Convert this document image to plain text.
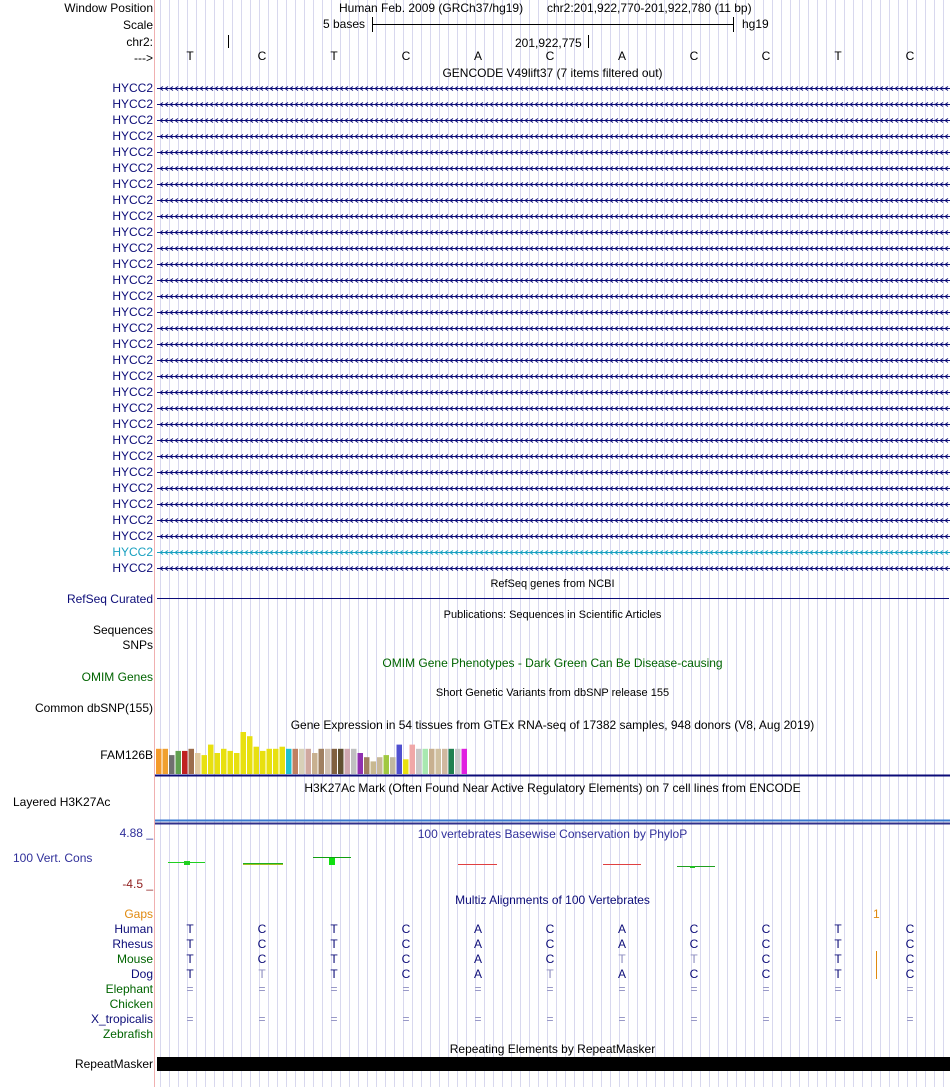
Window Position	Human Feb. 2009 (GRCh37/hg19) chr2:201,922,770-201,922,780 (11 bp)
Scale	5 bases	hg19
chr2:	201,922,775
--->	T	C	T	C	A	C	A	C	C	T	C
GENCODE V49lift37 (7 items filtered out)
HYCC2
HYCC2
HYCC2
HYCC2
HYCC2
HYCC2
HYCC2
HYCC2
HYCC2
HYCC2
HYCC2
HYCC2
HYCC2
HYCC2
HYCC2
HYCC2
HYCC2
HYCC2
HYCC2
HYCC2
HYCC2
HYCC2
HYCC2
HYCC2
HYCC2
HYCC2
HYCC2
HYCC2
HYCC2
HYCC2
HYCC2
RefSeq genes from NCBI
RefSeq Curated
Publications: Sequences in Scientific Articles
Sequences
SNPs
OMIM Gene Phenotypes - Dark Green Can Be Disease-causing
OMIM Genes
Short Genetic Variants from dbSNP release 155
Common dbSNP(155)
Gene Expression in 54 tissues from GTEx RNA-seq of 17382 samples, 948 donors (V8, Aug 2019)
FAM126B
H3K27Ac Mark (Often Found Near Active Regulatory Elements) on 7 cell lines from ENCODE
Layered H3K27Ac
100 vertebrates Basewise Conservation by PhyloP
4.88 _
100 Vert. Cons
-4.5 _
Multiz Alignments of 100 Vertebrates
Gaps	1
Human	T	C	T	C	A	C	A	C	C	T	C
Rhesus	T	C	T	C	A	C	A	C	C	T	C
Mouse	T	C	T	C	A	C	T	T	C	T	C
Dog	T	T	T	C	A	T	A	C	C	T	C
Elephant	=	=	=	=	=	=	=	=	=	=	=
Chicken
X_tropicalis	=	=	=	=	=	=	=	=	=	=	=
Zebrafish
Repeating Elements by RepeatMasker
RepeatMasker
